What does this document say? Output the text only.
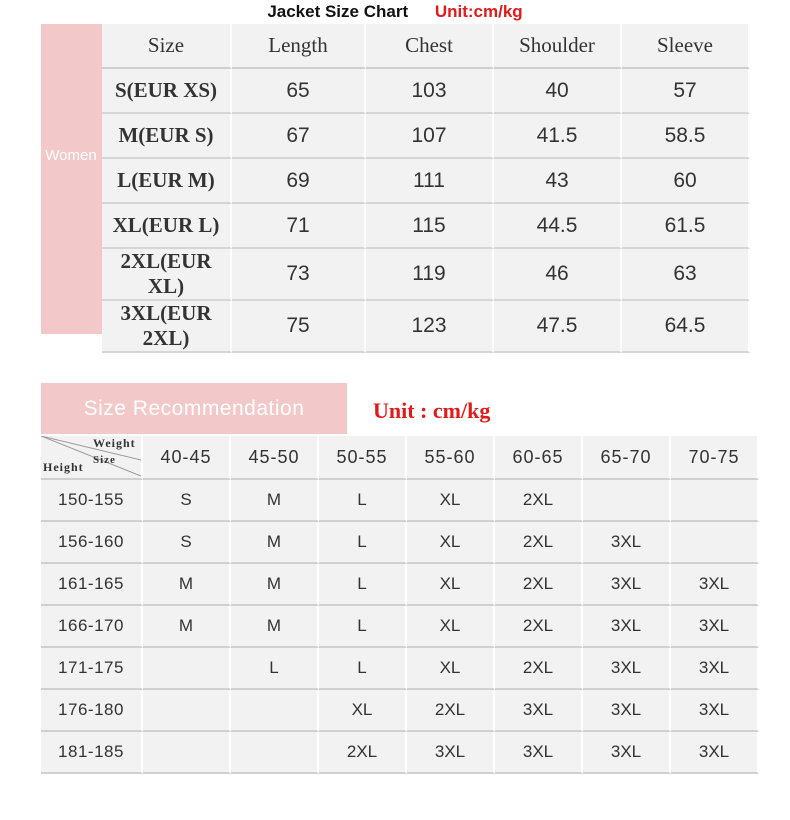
Jacket Size Chart Unit:cm/kg
Women
Size	Length	Chest	Shoulder	Sleeve
S(EUR XS)	65	103	40	57
M(EUR S)	67	107	41.5	58.5
L(EUR M)	69	111	43	60
XL(EUR L)	71	115	44.5	61.5
2XL(EUR XL)	73	119	46	63
3XL(EUR 2XL)	75	123	47.5	64.5
Size Recommendation	Unit : cm/kg
Weight
Size
Height	40-45	45-50	50-55	55-60	60-65	65-70	70-75
150-155	S	M	L	XL	2XL		
156-160	S	M	L	XL	2XL	3XL	
161-165	M	M	L	XL	2XL	3XL	3XL
166-170	M	M	L	XL	2XL	3XL	3XL
171-175		L	L	XL	2XL	3XL	3XL
176-180			XL	2XL	3XL	3XL	3XL
181-185			2XL	3XL	3XL	3XL	3XL
